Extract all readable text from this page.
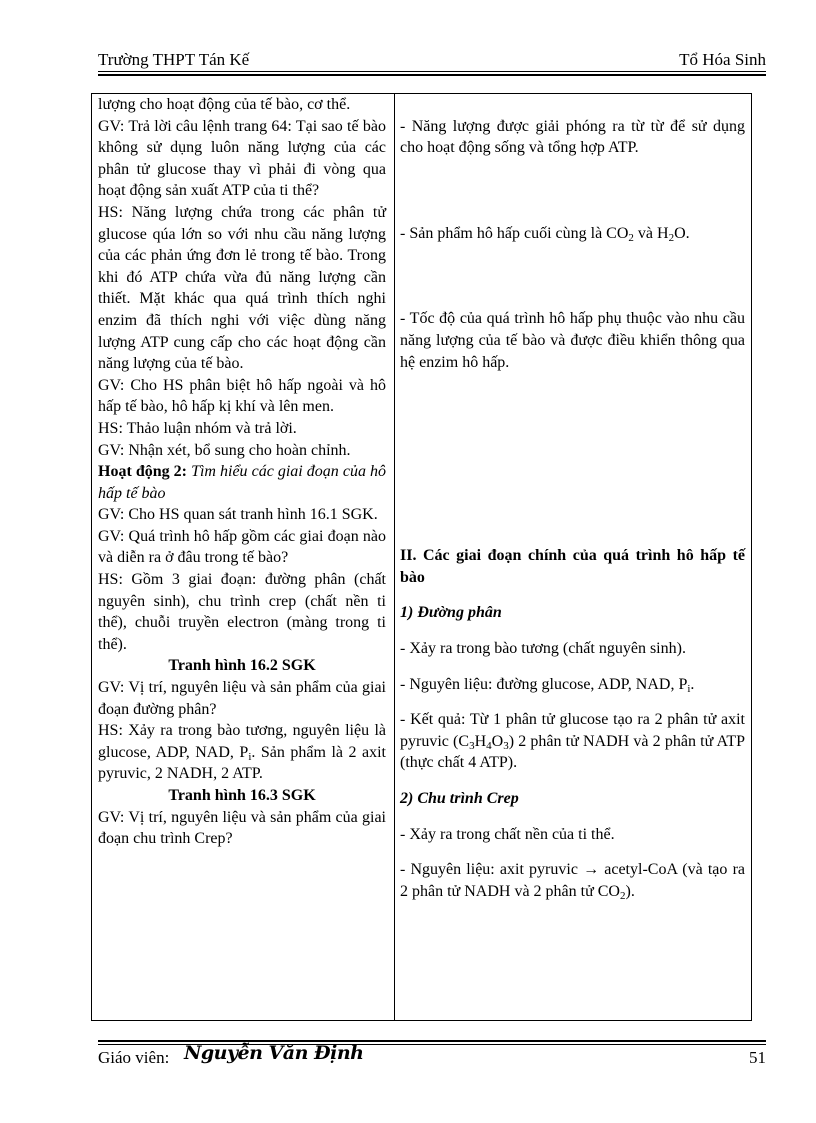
Trường THPT Tán Kế	Tổ Hóa Sinh

lượng cho hoạt động của tế bào, cơ thể.

GV: Trả lời câu lệnh trang 64: Tại sao tế bào không sử dụng luôn năng lượng của các phân tử glucose thay vì phải đi vòng qua hoạt động sản xuất ATP của ti thể?

HS: Năng lượng chứa trong các phân tử glucose qúa lớn so với nhu cầu năng lượng của các phản ứng đơn lẻ trong tế bào. Trong khi đó ATP chứa vừa đủ năng lượng cần thiết. Mặt khác qua quá trình thích nghi enzim đã thích nghi với việc dùng năng lượng ATP cung cấp cho các hoạt động cần năng lượng của tế bào.

GV: Cho HS phân biệt hô hấp ngoài và hô hấp tế bào, hô hấp kị khí và lên men.

HS: Thảo luận nhóm và trả lời.

GV: Nhận xét, bổ sung cho hoàn chỉnh.

Hoạt động 2: Tìm hiểu các giai đoạn của hô hấp tế bào

GV: Cho HS quan sát tranh hình 16.1 SGK.

GV: Quá trình hô hấp gồm các giai đoạn nào và diễn ra ở đâu trong tế bào?

HS: Gồm 3 giai đoạn: đường phân (chất nguyên sinh), chu trình crep (chất nền ti thể), chuỗi truyền electron (màng trong ti thể).

Tranh hình 16.2 SGK

GV: Vị trí, nguyên liệu và sản phẩm của giai đoạn đường phân?

HS: Xảy ra trong bào tương, nguyên liệu là glucose, ADP, NAD, $P_i$. Sản phẩm là 2 axit pyruvic, 2 NADH, 2 ATP.

Tranh hình 16.3 SGK

GV: Vị trí, nguyên liệu và sản phẩm của giai đoạn chu trình Crep?

- Năng lượng được giải phóng ra từ từ để sử dụng cho hoạt động sống và tổng hợp ATP.

- Sản phẩm hô hấp cuối cùng là $CO_2$ và $H_2O$.

- Tốc độ của quá trình hô hấp phụ thuộc vào nhu cầu năng lượng của tế bào và được điều khiển thông qua hệ enzim hô hấp.

II. Các giai đoạn chính của quá trình hô hấp tế bào

1) Đường phân

- Xảy ra trong bào tương (chất nguyên sinh).

- Nguyên liệu: đường glucose, ADP, NAD, $P_i$.

- Kết quả: Từ 1 phân tử glucose tạo ra 2 phân tử axit pyruvic $(C_3H_4O_3)$ 2 phân tử NADH và 2 phân tử ATP (thực chất 4 ATP).

2) Chu trình Crep

- Xảy ra trong chất nền của ti thể.

- Nguyên liệu: axit pyruvic → acetyl-CoA (và tạo ra 2 phân tử NADH và 2 phân tử $CO_2$).

Giáo viên: Nguyễn Văn Định	51
